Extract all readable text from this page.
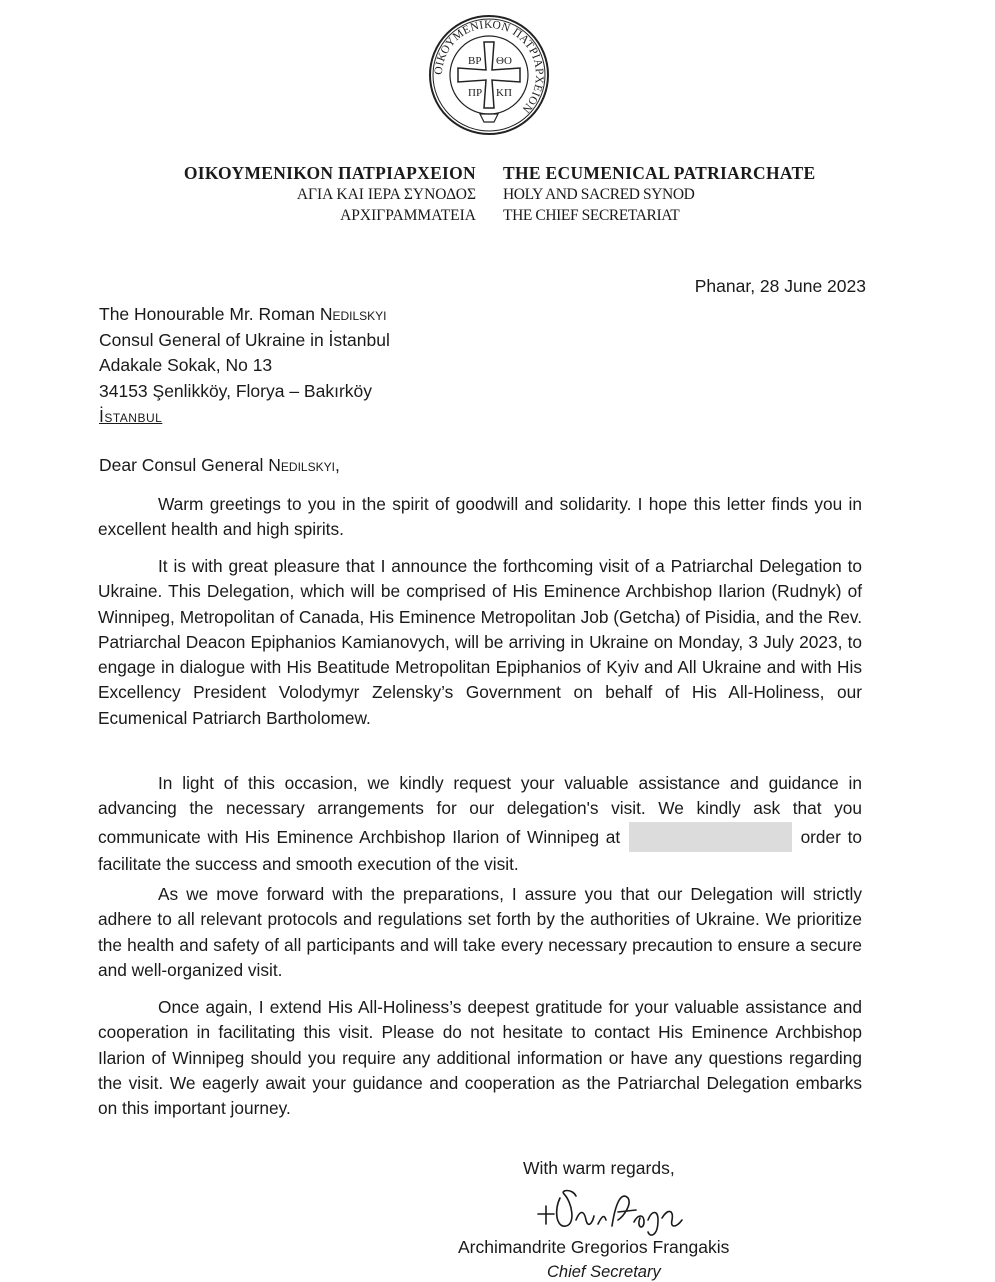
ΟΙΚΟΥΜΕΝΙΚΟΝ ΠΑΤΡΙΑΡΧΕΙΟΝ
ΒΡ ΘΟ
ΠΡ ΚΠ
ΟΙΚΟΥΜΕΝΙΚΟΝ ΠΑΤΡΙΑΡΧΕΙΟΝ
ΑΓΙΑ ΚΑΙ ΙΕΡΑ ΣΥΝΟΔΟΣ
ΑΡΧΙΓΡΑΜΜΑΤΕΙΑ
THE ECUMENICAL PATRIARCHATE
HOLY AND SACRED SYNOD
THE CHIEF SECRETARIAT
Phanar, 28 June 2023
The Honourable Mr. Roman Nedilskyi
Consul General of Ukraine in İstanbul
Adakale Sokak, No 13
34153 Şenlikköy, Florya – Bakırköy
İstanbul
Dear Consul General Nedilskyi,

Warm greetings to you in the spirit of goodwill and solidarity. I hope this letter finds you in excellent health and high spirits.

It is with great pleasure that I announce the forthcoming visit of a Patriarchal Delegation to Ukraine. This Delegation, which will be comprised of His Eminence Archbishop Ilarion (Rudnyk) of Winnipeg, Metropolitan of Canada, His Eminence Metropolitan Job (Getcha) of Pisidia, and the Rev. Patriarchal Deacon Epiphanios Kamianovych, will be arriving in Ukraine on Monday, 3 July 2023, to engage in dialogue with His Beatitude Metropolitan Epiphanios of Kyiv and All Ukraine and with His Excellency President Volodymyr Zelensky’s Government on behalf of His All-Holiness, our Ecumenical Patriarch Bartholomew.

In light of this occasion, we kindly request your valuable assistance and guidance in advancing the necessary arrangements for our delegation's visit. We kindly ask that you communicate with His Eminence Archbishop Ilarion of Winnipeg at	order to facilitate the success and smooth execution of the visit.

As we move forward with the preparations, I assure you that our Delegation will strictly adhere to all relevant protocols and regulations set forth by the authorities of Ukraine. We prioritize the health and safety of all participants and will take every necessary precaution to ensure a secure and well-organized visit.

Once again, I extend His All-Holiness’s deepest gratitude for your valuable assistance and cooperation in facilitating this visit. Please do not hesitate to contact His Eminence Archbishop Ilarion of Winnipeg should you require any additional information or have any questions regarding the visit. We eagerly await your guidance and cooperation as the Patriarchal Delegation embarks on this important journey.

With warm regards,
Archimandrite Gregorios Frangakis
Chief Secretary
